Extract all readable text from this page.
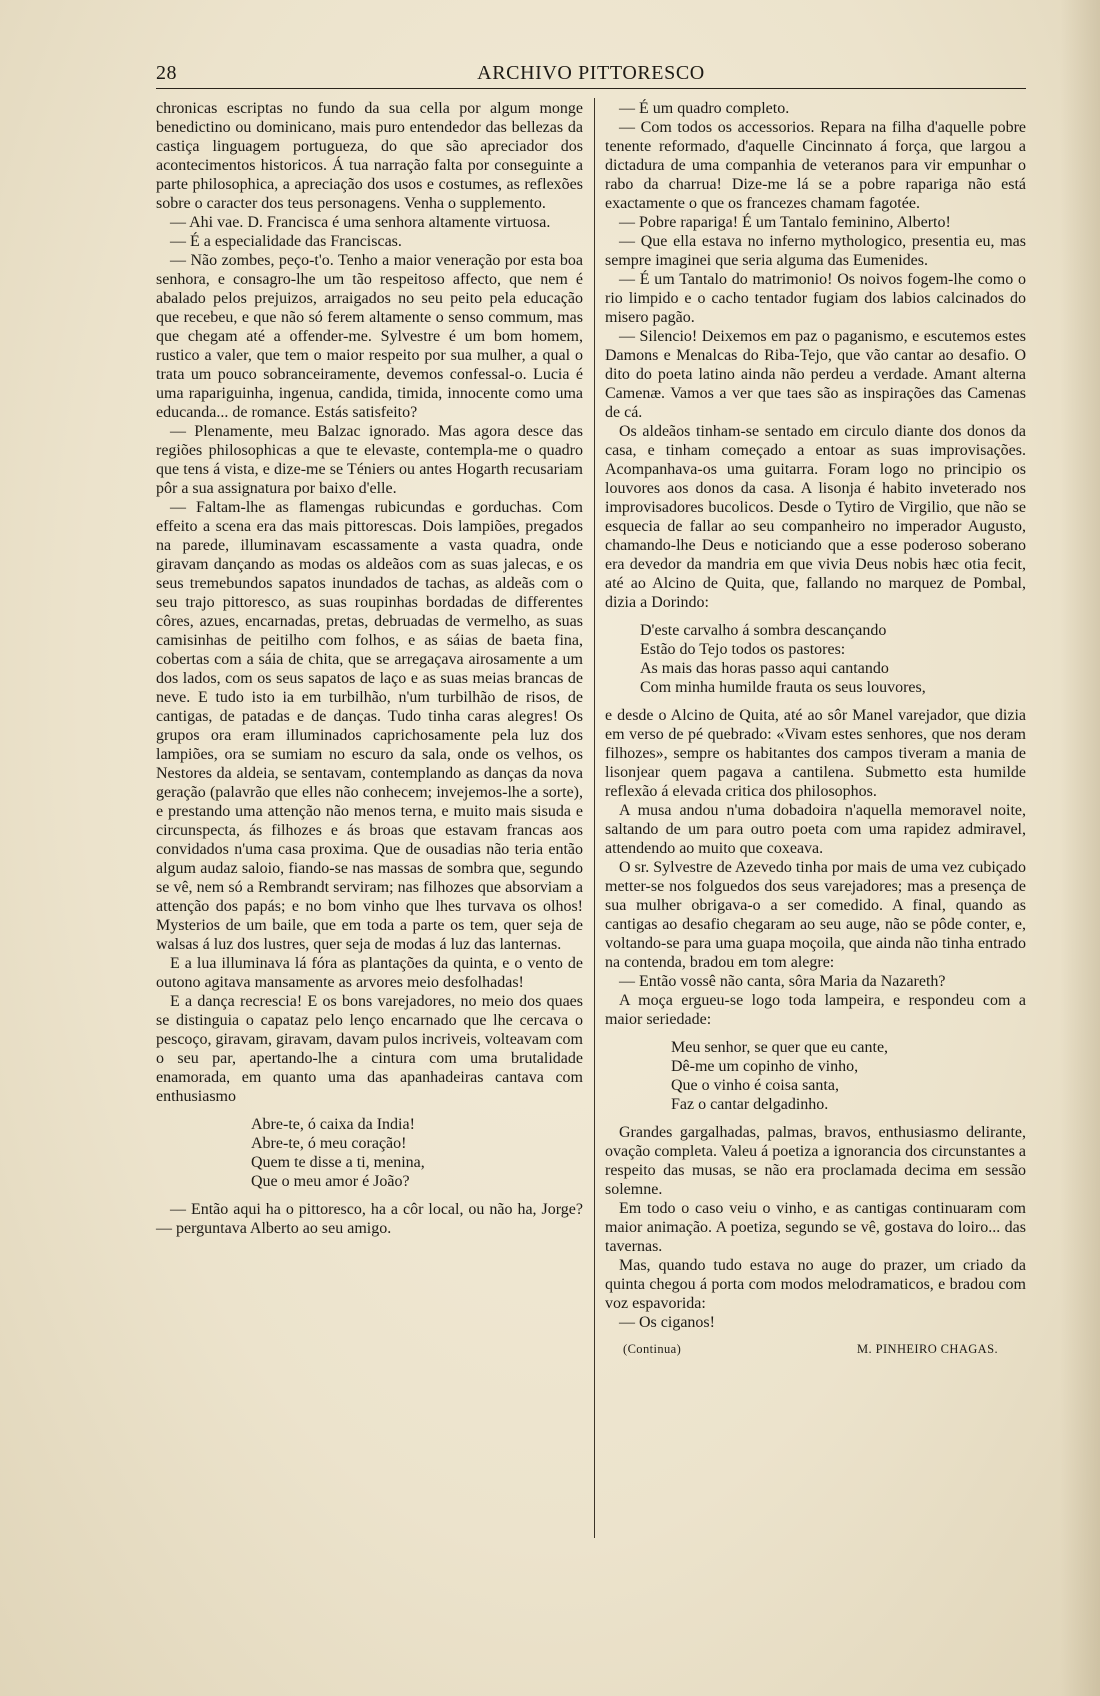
28	ARCHIVO PITTORESCO

chronicas escriptas no fundo da sua cella por algum monge benedictino ou dominicano, mais puro entendedor das bellezas da castiça linguagem portugueza, do que são apreciador dos acontecimentos historicos. Á tua narração falta por conseguinte a parte philosophica, a apreciação dos usos e costumes, as reflexões sobre o caracter dos teus personagens. Venha o supplemento.

— Ahi vae. D. Francisca é uma senhora altamente virtuosa.

— É a especialidade das Franciscas.

— Não zombes, peço-t'o. Tenho a maior veneração por esta boa senhora, e consagro-lhe um tão respeitoso affecto, que nem é abalado pelos prejuizos, arraigados no seu peito pela educação que recebeu, e que não só ferem altamente o senso commum, mas que chegam até a offender-me. Sylvestre é um bom homem, rustico a valer, que tem o maior respeito por sua mulher, a qual o trata um pouco sobranceiramente, devemos confessal-o. Lucia é uma rapariguinha, ingenua, candida, timida, innocente como uma educanda... de romance. Estás satisfeito?

— Plenamente, meu Balzac ignorado. Mas agora desce das regiões philosophicas a que te elevaste, contempla-me o quadro que tens á vista, e dize-me se Téniers ou antes Hogarth recusariam pôr a sua assignatura por baixo d'elle.

— Faltam-lhe as flamengas rubicundas e gorduchas. Com effeito a scena era das mais pittorescas. Dois lampiões, pregados na parede, illuminavam escassamente a vasta quadra, onde giravam dançando as modas os aldeãos com as suas jalecas, e os seus tremebundos sapatos inundados de tachas, as aldeãs com o seu trajo pittoresco, as suas roupinhas bordadas de differentes côres, azues, encarnadas, pretas, debruadas de vermelho, as suas camisinhas de peitilho com folhos, e as sáias de baeta fina, cobertas com a sáia de chita, que se arregaçava airosamente a um dos lados, com os seus sapatos de laço e as suas meias brancas de neve. E tudo isto ia em turbilhão, n'um turbilhão de risos, de cantigas, de patadas e de danças. Tudo tinha caras alegres! Os grupos ora eram illuminados caprichosamente pela luz dos lampiões, ora se sumiam no escuro da sala, onde os velhos, os Nestores da aldeia, se sentavam, contemplando as danças da nova geração (palavrão que elles não conhecem; invejemos-lhe a sorte), e prestando uma attenção não menos terna, e muito mais sisuda e circunspecta, ás filhozes e ás broas que estavam francas aos convidados n'uma casa proxima. Que de ousadias não teria então algum audaz saloio, fiando-se nas massas de sombra que, segundo se vê, nem só a Rembrandt serviram; nas filhozes que absorviam a attenção dos papás; e no bom vinho que lhes turvava os olhos! Mysterios de um baile, que em toda a parte os tem, quer seja de walsas á luz dos lustres, quer seja de modas á luz das lanternas.

E a lua illuminava lá fóra as plantações da quinta, e o vento de outono agitava mansamente as arvores meio desfolhadas!

E a dança recrescia! E os bons varejadores, no meio dos quaes se distinguia o capataz pelo lenço encarnado que lhe cercava o pescoço, giravam, giravam, davam pulos incriveis, volteavam com o seu par, apertando-lhe a cintura com uma brutalidade enamorada, em quanto uma das apanhadeiras cantava com enthusiasmo

Abre-te, ó caixa da India!
Abre-te, ó meu coração!
Quem te disse a ti, menina,
Que o meu amor é João?

— Então aqui ha o pittoresco, ha a côr local, ou não ha, Jorge? — perguntava Alberto ao seu amigo.

— É um quadro completo.

— Com todos os accessorios. Repara na filha d'aquelle pobre tenente reformado, d'aquelle Cincinnato á força, que largou a dictadura de uma companhia de veteranos para vir empunhar o rabo da charrua! Dize-me lá se a pobre rapariga não está exactamente o que os francezes chamam fagotée.

— Pobre rapariga! É um Tantalo feminino, Alberto!

— Que ella estava no inferno mythologico, presentia eu, mas sempre imaginei que seria alguma das Eumenides.

— É um Tantalo do matrimonio! Os noivos fogem-lhe como o rio limpido e o cacho tentador fugiam dos labios calcinados do misero pagão.

— Silencio! Deixemos em paz o paganismo, e escutemos estes Damons e Menalcas do Riba-Tejo, que vão cantar ao desafio. O dito do poeta latino ainda não perdeu a verdade. Amant alterna Camenæ. Vamos a ver que taes são as inspirações das Camenas de cá.

Os aldeãos tinham-se sentado em circulo diante dos donos da casa, e tinham começado a entoar as suas improvisações. Acompanhava-os uma guitarra. Foram logo no principio os louvores aos donos da casa. A lisonja é habito inveterado nos improvisadores bucolicos. Desde o Tytiro de Virgilio, que não se esquecia de fallar ao seu companheiro no imperador Augusto, chamando-lhe Deus e noticiando que a esse poderoso soberano era devedor da mandria em que vivia Deus nobis hæc otia fecit, até ao Alcino de Quita, que, fallando no marquez de Pombal, dizia a Dorindo:

D'este carvalho á sombra descançando
Estão do Tejo todos os pastores:
As mais das horas passo aqui cantando
Com minha humilde frauta os seus louvores,

e desde o Alcino de Quita, até ao sôr Manel varejador, que dizia em verso de pé quebrado: «Vivam estes senhores, que nos deram filhozes», sempre os habitantes dos campos tiveram a mania de lisonjear quem pagava a cantilena. Submetto esta humilde reflexão á elevada critica dos philosophos.

A musa andou n'uma dobadoira n'aquella memoravel noite, saltando de um para outro poeta com uma rapidez admiravel, attendendo ao muito que coxeava.

O sr. Sylvestre de Azevedo tinha por mais de uma vez cubiçado metter-se nos folguedos dos seus varejadores; mas a presença de sua mulher obrigava-o a ser comedido. A final, quando as cantigas ao desafio chegaram ao seu auge, não se pôde conter, e, voltando-se para uma guapa moçoila, que ainda não tinha entrado na contenda, bradou em tom alegre:

— Então vossê não canta, sôra Maria da Nazareth?

A moça ergueu-se logo toda lampeira, e respondeu com a maior seriedade:

Meu senhor, se quer que eu cante,
Dê-me um copinho de vinho,
Que o vinho é coisa santa,
Faz o cantar delgadinho.

Grandes gargalhadas, palmas, bravos, enthusiasmo delirante, ovação completa. Valeu á poetiza a ignorancia dos circunstantes a respeito das musas, se não era proclamada decima em sessão solemne.

Em todo o caso veiu o vinho, e as cantigas continuaram com maior animação. A poetiza, segundo se vê, gostava do loiro... das tavernas.

Mas, quando tudo estava no auge do prazer, um criado da quinta chegou á porta com modos melodramaticos, e bradou com voz espavorida:

— Os ciganos!

(Continua)	M. PINHEIRO CHAGAS.
